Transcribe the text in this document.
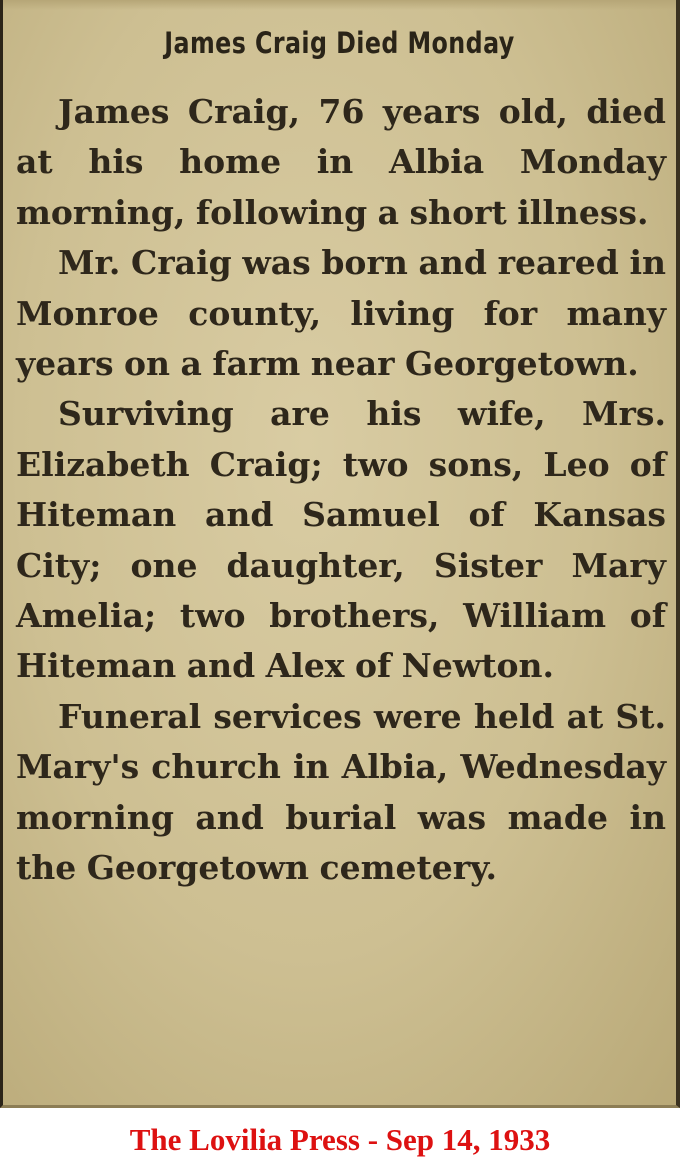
James Craig Died Monday

James Craig, 76 years old, died at his home in Albia Monday morning, following a short illness.

Mr. Craig was born and reared in Monroe county, living for many years on a farm near Georgetown.

Surviving are his wife, Mrs. Elizabeth Craig; two sons, Leo of Hiteman and Samuel of Kansas City; one daughter, Sister Mary Amelia; two brothers, William of Hiteman and Alex of Newton.

Funeral services were held at St. Mary's church in Albia, Wednesday morning and burial was made in the Georgetown cemetery.

The Lovilia Press - Sep 14, 1933
